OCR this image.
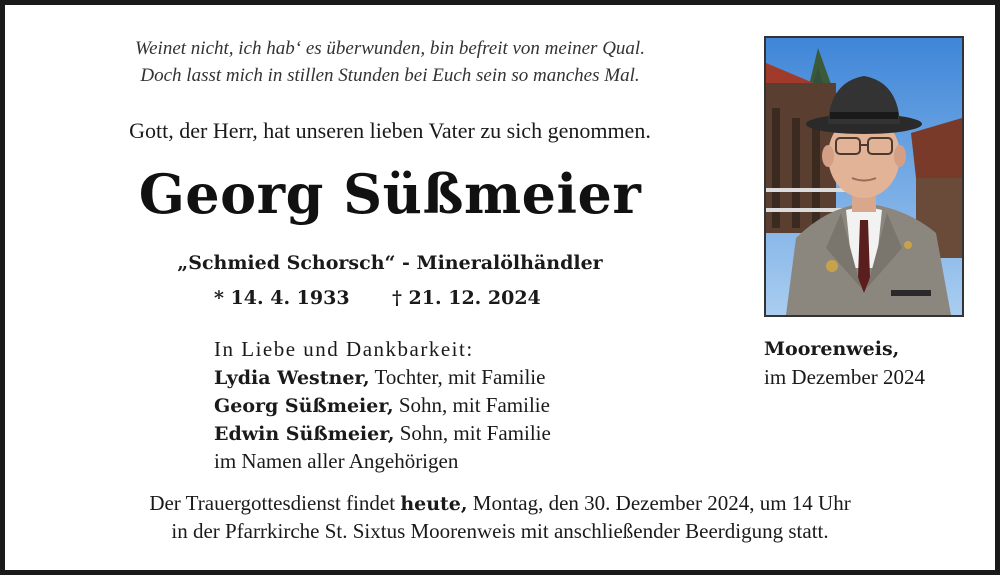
Weinet nicht, ich hab‘ es überwunden, bin befreit von meiner Qual.
Doch lasst mich in stillen Stunden bei Euch sein so manches Mal.
Gott, der Herr, hat unseren lieben Vater zu sich genommen.
Georg Süßmeier
„Schmied Schorsch“ - Mineralölhändler
* 14. 4. 1933 † 21. 12. 2024
In Liebe und Dankbarkeit:
Lydia Westner, Tochter, mit Familie
Georg Süßmeier, Sohn, mit Familie
Edwin Süßmeier, Sohn, mit Familie
im Namen aller Angehörigen
Moorenweis,
im Dezember 2024
Der Trauergottesdienst findet heute, Montag, den 30. Dezember 2024, um 14 Uhr
in der Pfarrkirche St. Sixtus Moorenweis mit anschließender Beerdigung statt.
